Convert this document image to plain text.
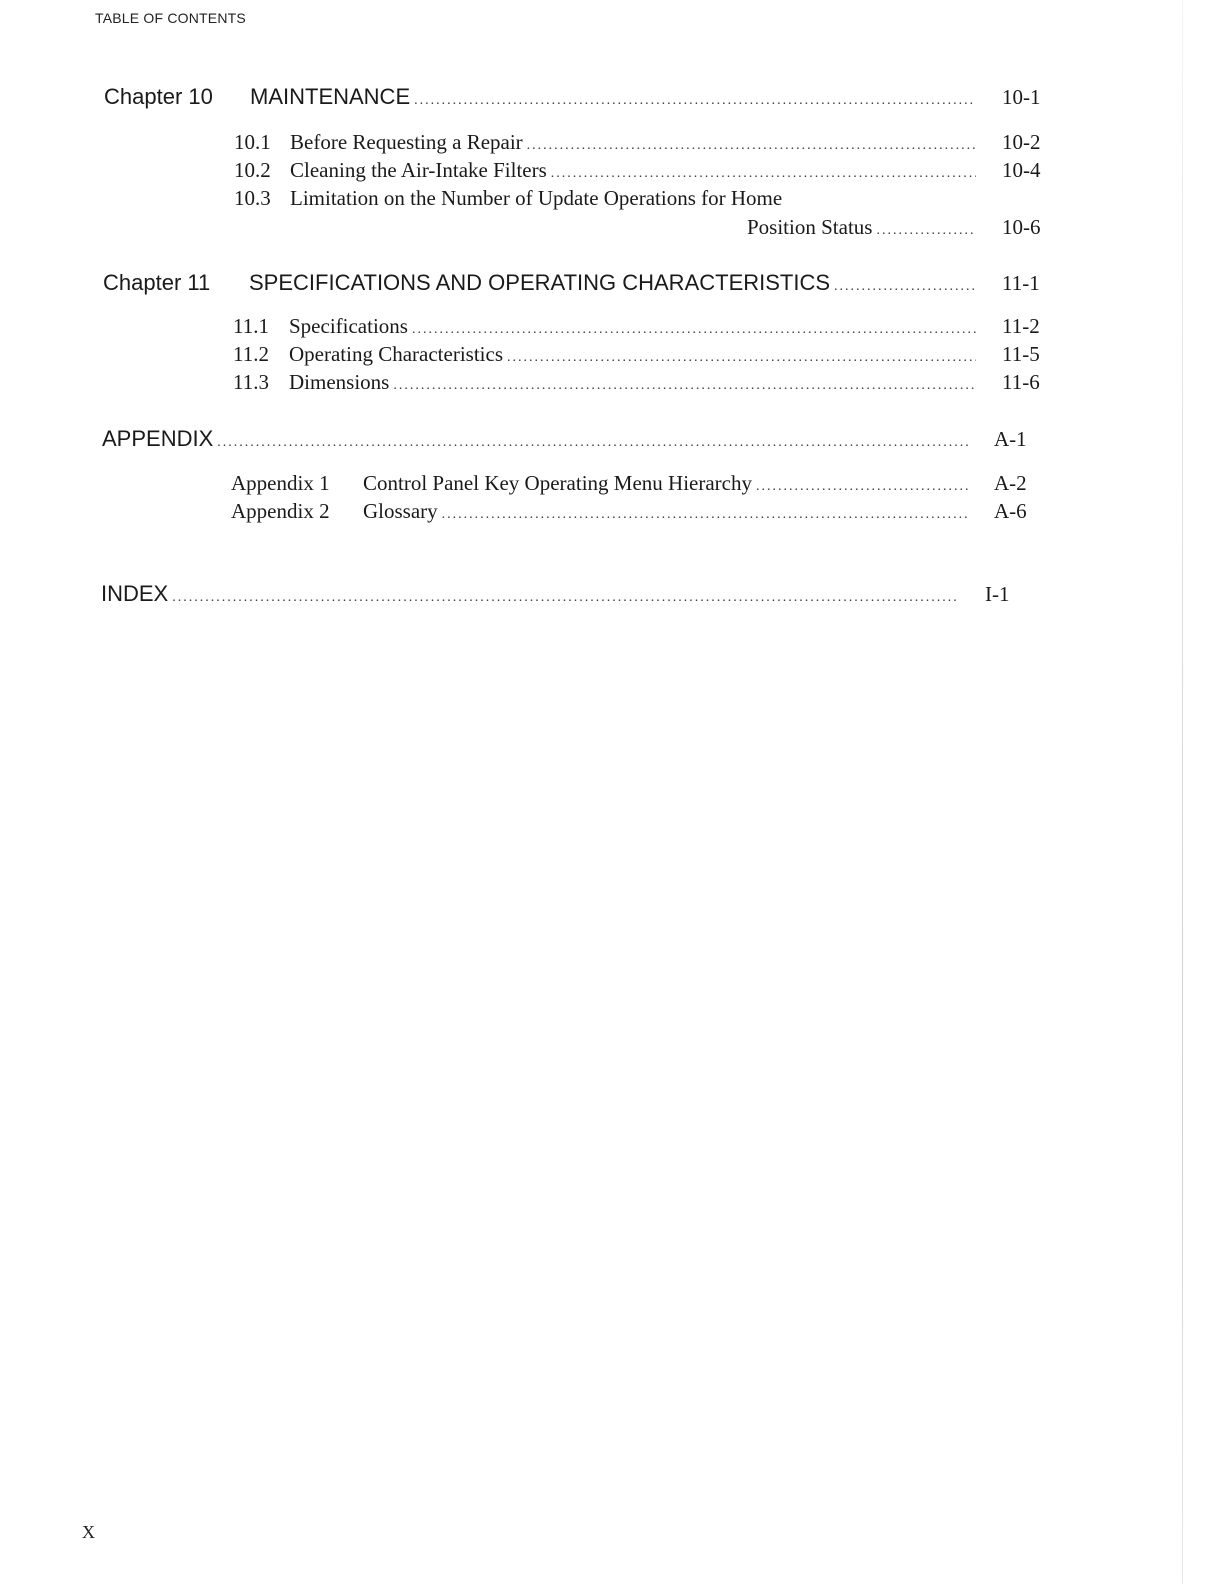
TABLE OF CONTENTS
Chapter 10	MAINTENANCE .....	10-1
10.1 Before Requesting a Repair .....	10-2
10.2 Cleaning the Air-Intake Filters .....	10-4
10.3 Limitation on the Number of Update Operations for Home
Position Status .....	10-6
Chapter 11	SPECIFICATIONS AND OPERATING CHARACTERISTICS .....	11-1
11.1 Specifications .....	11-2
11.2 Operating Characteristics .....	11-5
11.3 Dimensions .....	11-6
APPENDIX .....	A-1
Appendix 1	Control Panel Key Operating Menu Hierarchy .....	A-2
Appendix 2	Glossary .....	A-6
INDEX .....	I-1
X
